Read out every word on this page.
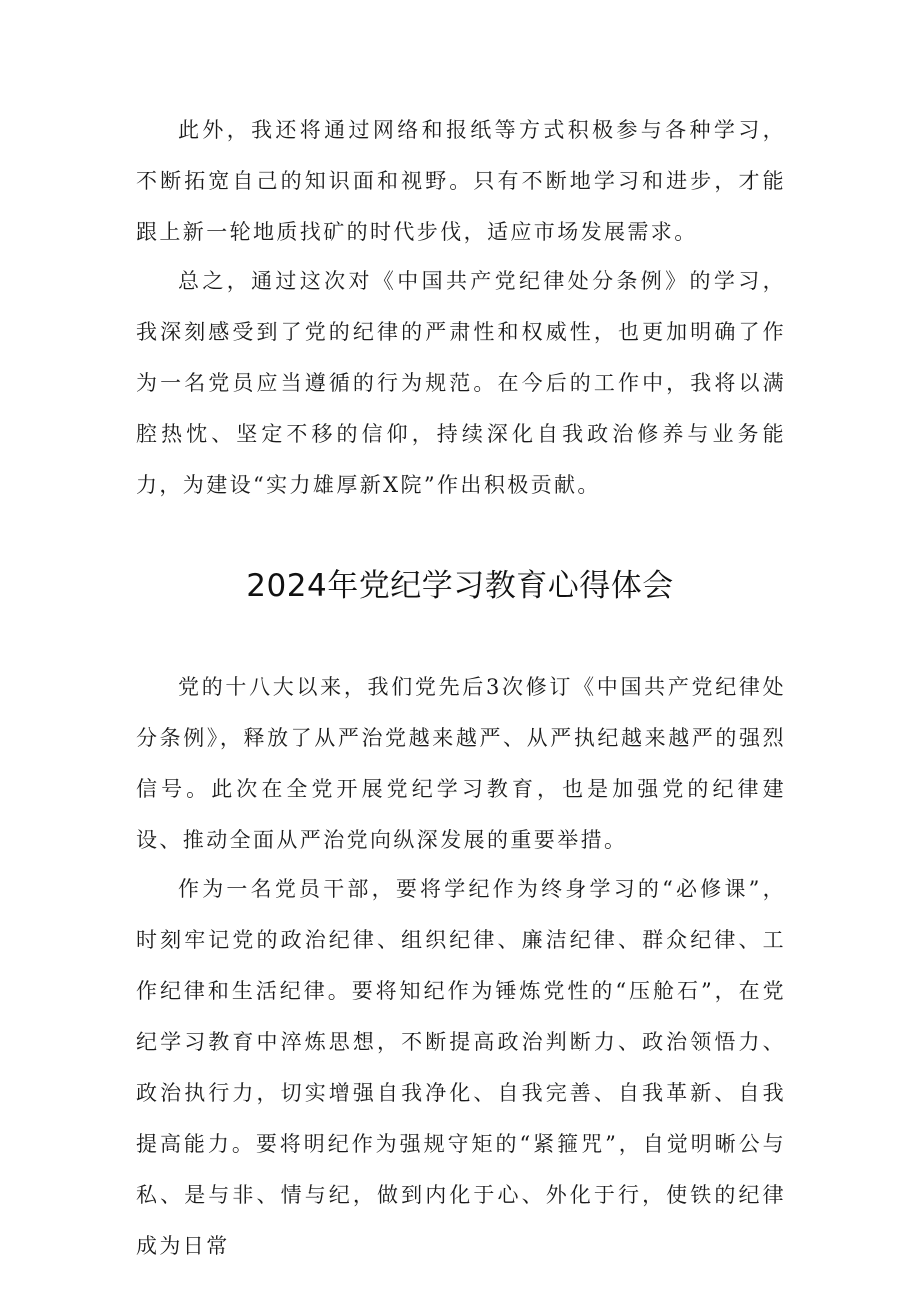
此外，我还将通过网络和报纸等方式积极参与各种学习，不断拓宽自己的知识面和视野。只有不断地学习和进步，才能跟上新一轮地质找矿的时代步伐，适应市场发展需求。

总之，通过这次对《中国共产党纪律处分条例》的学习，我深刻感受到了党的纪律的严肃性和权威性，也更加明确了作为一名党员应当遵循的行为规范。在今后的工作中，我将以满腔热忱、坚定不移的信仰，持续深化自我政治修养与业务能力，为建设“实力雄厚新X院”作出积极贡献。

2024年党纪学习教育心得体会

党的十八大以来，我们党先后3次修订《中国共产党纪律处分条例》，释放了从严治党越来越严、从严执纪越来越严的强烈信号。此次在全党开展党纪学习教育，也是加强党的纪律建设、推动全面从严治党向纵深发展的重要举措。

作为一名党员干部，要将学纪作为终身学习的“必修课”，时刻牢记党的政治纪律、组织纪律、廉洁纪律、群众纪律、工作纪律和生活纪律。要将知纪作为锤炼党性的“压舱石”，在党纪学习教育中淬炼思想，不断提高政治判断力、政治领悟力、政治执行力，切实增强自我净化、自我完善、自我革新、自我提高能力。要将明纪作为强规守矩的“紧箍咒”，自觉明晰公与私、是与非、情与纪，做到内化于心、外化于行，使铁的纪律成为日常
